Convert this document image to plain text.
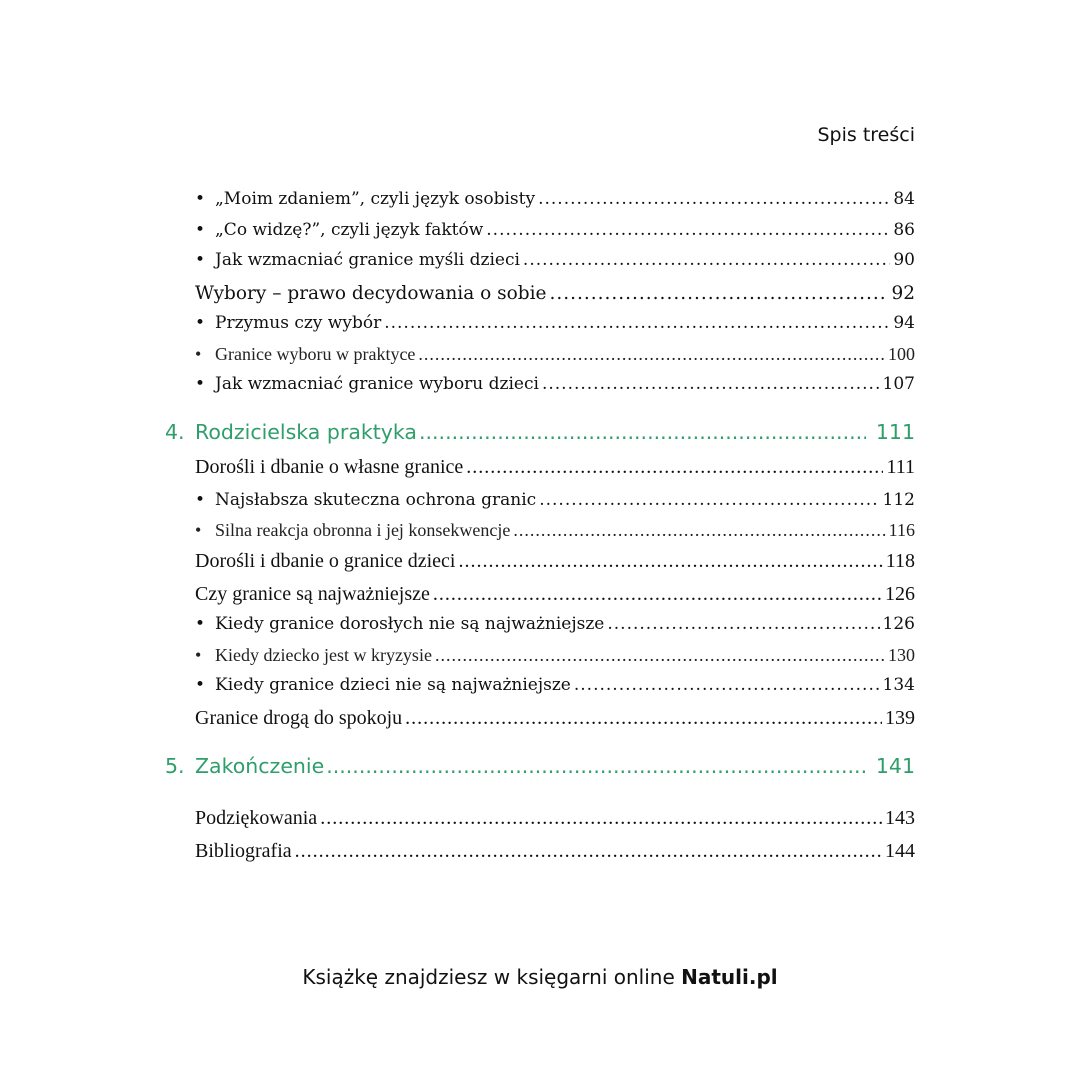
Spis treści
• „Moim zdaniem”, czyli język osobisty .....	84
• „Co widzę?”, czyli język faktów .....	86
• Jak wzmacniać granice myśli dzieci .....	90
Wybory – prawo decydowania o sobie .....	92
• Przymus czy wybór .....	94
• Granice wyboru w praktyce .....	100
• Jak wzmacniać granice wyboru dzieci .....	107
4. Rodzicielska praktyka .....	111
Dorośli i dbanie o własne granice .....	111
• Najsłabsza skuteczna ochrona granic .....	112
• Silna reakcja obronna i jej konsekwencje .....	116
Dorośli i dbanie o granice dzieci .....	118
Czy granice są najważniejsze .....	126
• Kiedy granice dorosłych nie są najważniejsze .....	126
• Kiedy dziecko jest w kryzysie .....	130
• Kiedy granice dzieci nie są najważniejsze .....	134
Granice drogą do spokoju .....	139
5. Zakończenie .....	141
Podziękowania .....	143
Bibliografia .....	144
Książkę znajdziesz w księgarni online Natuli.pl
